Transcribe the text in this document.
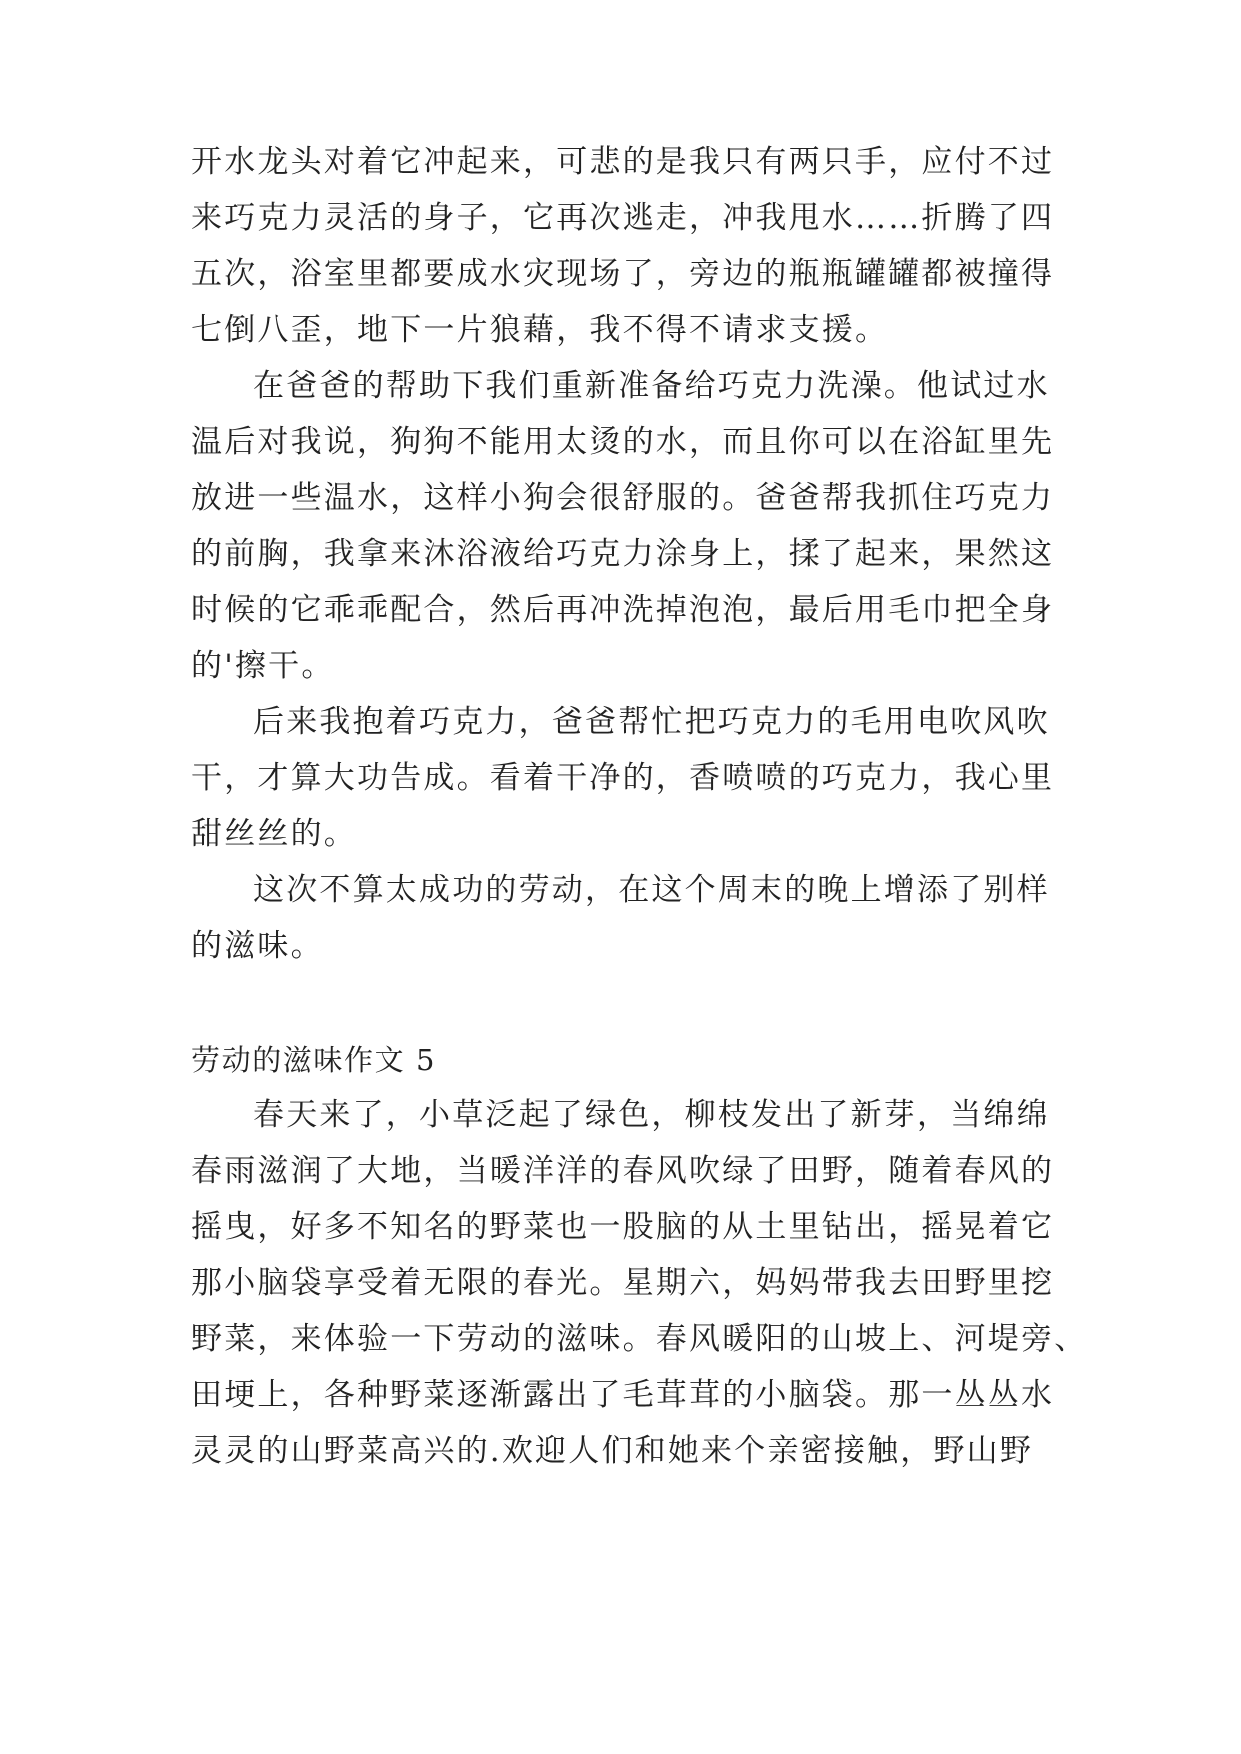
开水龙头对着它冲起来，可悲的是我只有两只手，应付不过
来巧克力灵活的身子，它再次逃走，冲我甩水……折腾了四
五次，浴室里都要成水灾现场了，旁边的瓶瓶罐罐都被撞得
七倒八歪，地下一片狼藉，我不得不请求支援。
在爸爸的帮助下我们重新准备给巧克力洗澡。他试过水
温后对我说，狗狗不能用太烫的水，而且你可以在浴缸里先
放进一些温水，这样小狗会很舒服的。爸爸帮我抓住巧克力
的前胸，我拿来沐浴液给巧克力涂身上，揉了起来，果然这
时候的它乖乖配合，然后再冲洗掉泡泡，最后用毛巾把全身
的'擦干。
后来我抱着巧克力，爸爸帮忙把巧克力的毛用电吹风吹
干，才算大功告成。看着干净的，香喷喷的巧克力，我心里
甜丝丝的。
这次不算太成功的劳动，在这个周末的晚上增添了别样
的滋味。
劳动的滋味作文 5
春天来了，小草泛起了绿色，柳枝发出了新芽，当绵绵
春雨滋润了大地，当暖洋洋的春风吹绿了田野，随着春风的
摇曳，好多不知名的野菜也一股脑的从土里钻出，摇晃着它
那小脑袋享受着无限的春光。星期六，妈妈带我去田野里挖
野菜，来体验一下劳动的滋味。春风暖阳的山坡上、河堤旁、
田埂上，各种野菜逐渐露出了毛茸茸的小脑袋。那一丛丛水
灵灵的山野菜高兴的.欢迎人们和她来个亲密接触，野山野
